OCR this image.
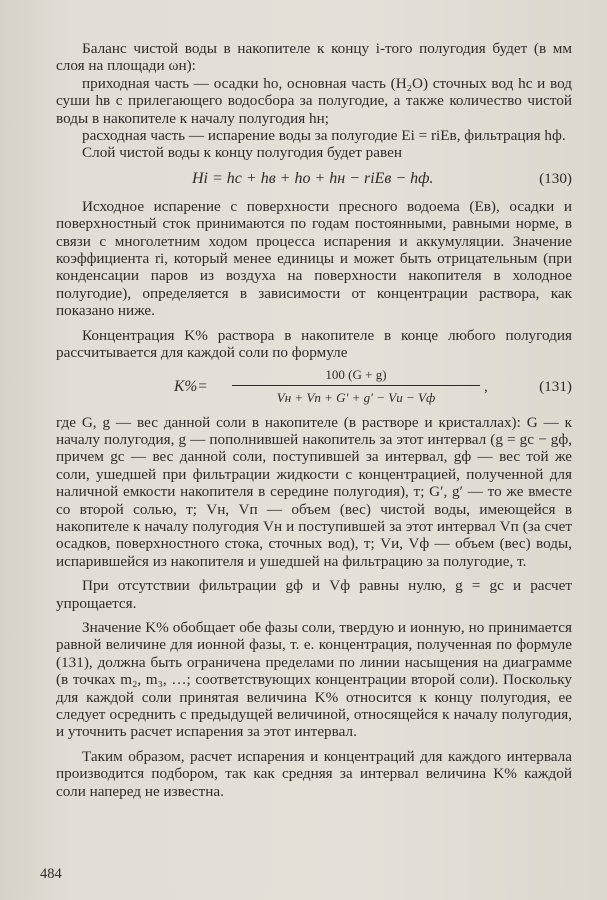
Баланс чистой воды в накопителе к концу i-того полугодия будет (в мм слоя на площади ωн):

приходная часть — осадки hо, основная часть (H₂O) сточных вод hс и вод суши hв с прилегающего водосбора за полугодие, а также количество чистой воды в накопителе к началу полугодия hн;

расходная часть — испарение воды за полугодие Ei = riEв, фильтрация hф.

Слой чистой воды к концу полугодия будет равен

Hi = hс + hв + hо + hн − riEв − hф.	(130)

Исходное испарение с поверхности пресного водоема (Eв), осадки и поверхностный сток принимаются по годам постоянными, равными норме, в связи с многолетним ходом процесса испарения и аккумуляции. Значение коэффициента ri, который менее единицы и может быть отрицательным (при конденсации паров из воздуха на поверхности накопителя в холодное полугодие), определяется в зависимости от концентрации раствора, как показано ниже.

Концентрация K% раствора в накопителе в конце любого полугодия рассчитывается для каждой соли по формуле

K%=
100 (G + g)
Vн + Vп + G′ + g′ − Vи − Vф
,	(131)

где G, g — вес данной соли в накопителе (в растворе и кристаллах): G — к началу полугодия, g — пополнившей накопитель за этот интервал (g = gс − gф, причем gс — вес данной соли, поступившей за интервал, gф — вес той же соли, ушедшей при фильтрации жидкости с концентрацией, полученной для наличной емкости накопителя в середине полугодия), т; G′, g′ — то же вместе со второй солью, т; Vн, Vп — объем (вес) чистой воды, имеющейся в накопителе к началу полугодия Vн и поступившей за этот интервал Vп (за счет осадков, поверхностного стока, сточных вод), т; Vи, Vф — объем (вес) воды, испарившейся из накопителя и ушедшей на фильтрацию за полугодие, т.

При отсутствии фильтрации gф и Vф равны нулю, g = gс и расчет упрощается.

Значение K% обобщает обе фазы соли, твердую и ионную, но принимается равной величине для ионной фазы, т. е. концентрация, полученная по формуле (131), должна быть ограничена пределами по линии насыщения на диаграмме (в точках m₂, m₃, …; соответствующих концентрации второй соли). Поскольку для каждой соли принятая величина K% относится к концу полугодия, ее следует осреднить с предыдущей величиной, относящейся к началу полугодия, и уточнить расчет испарения за этот интервал.

Таким образом, расчет испарения и концентраций для каждого интервала производится подбором, так как средняя за интервал величина K% каждой соли наперед не известна.

484
